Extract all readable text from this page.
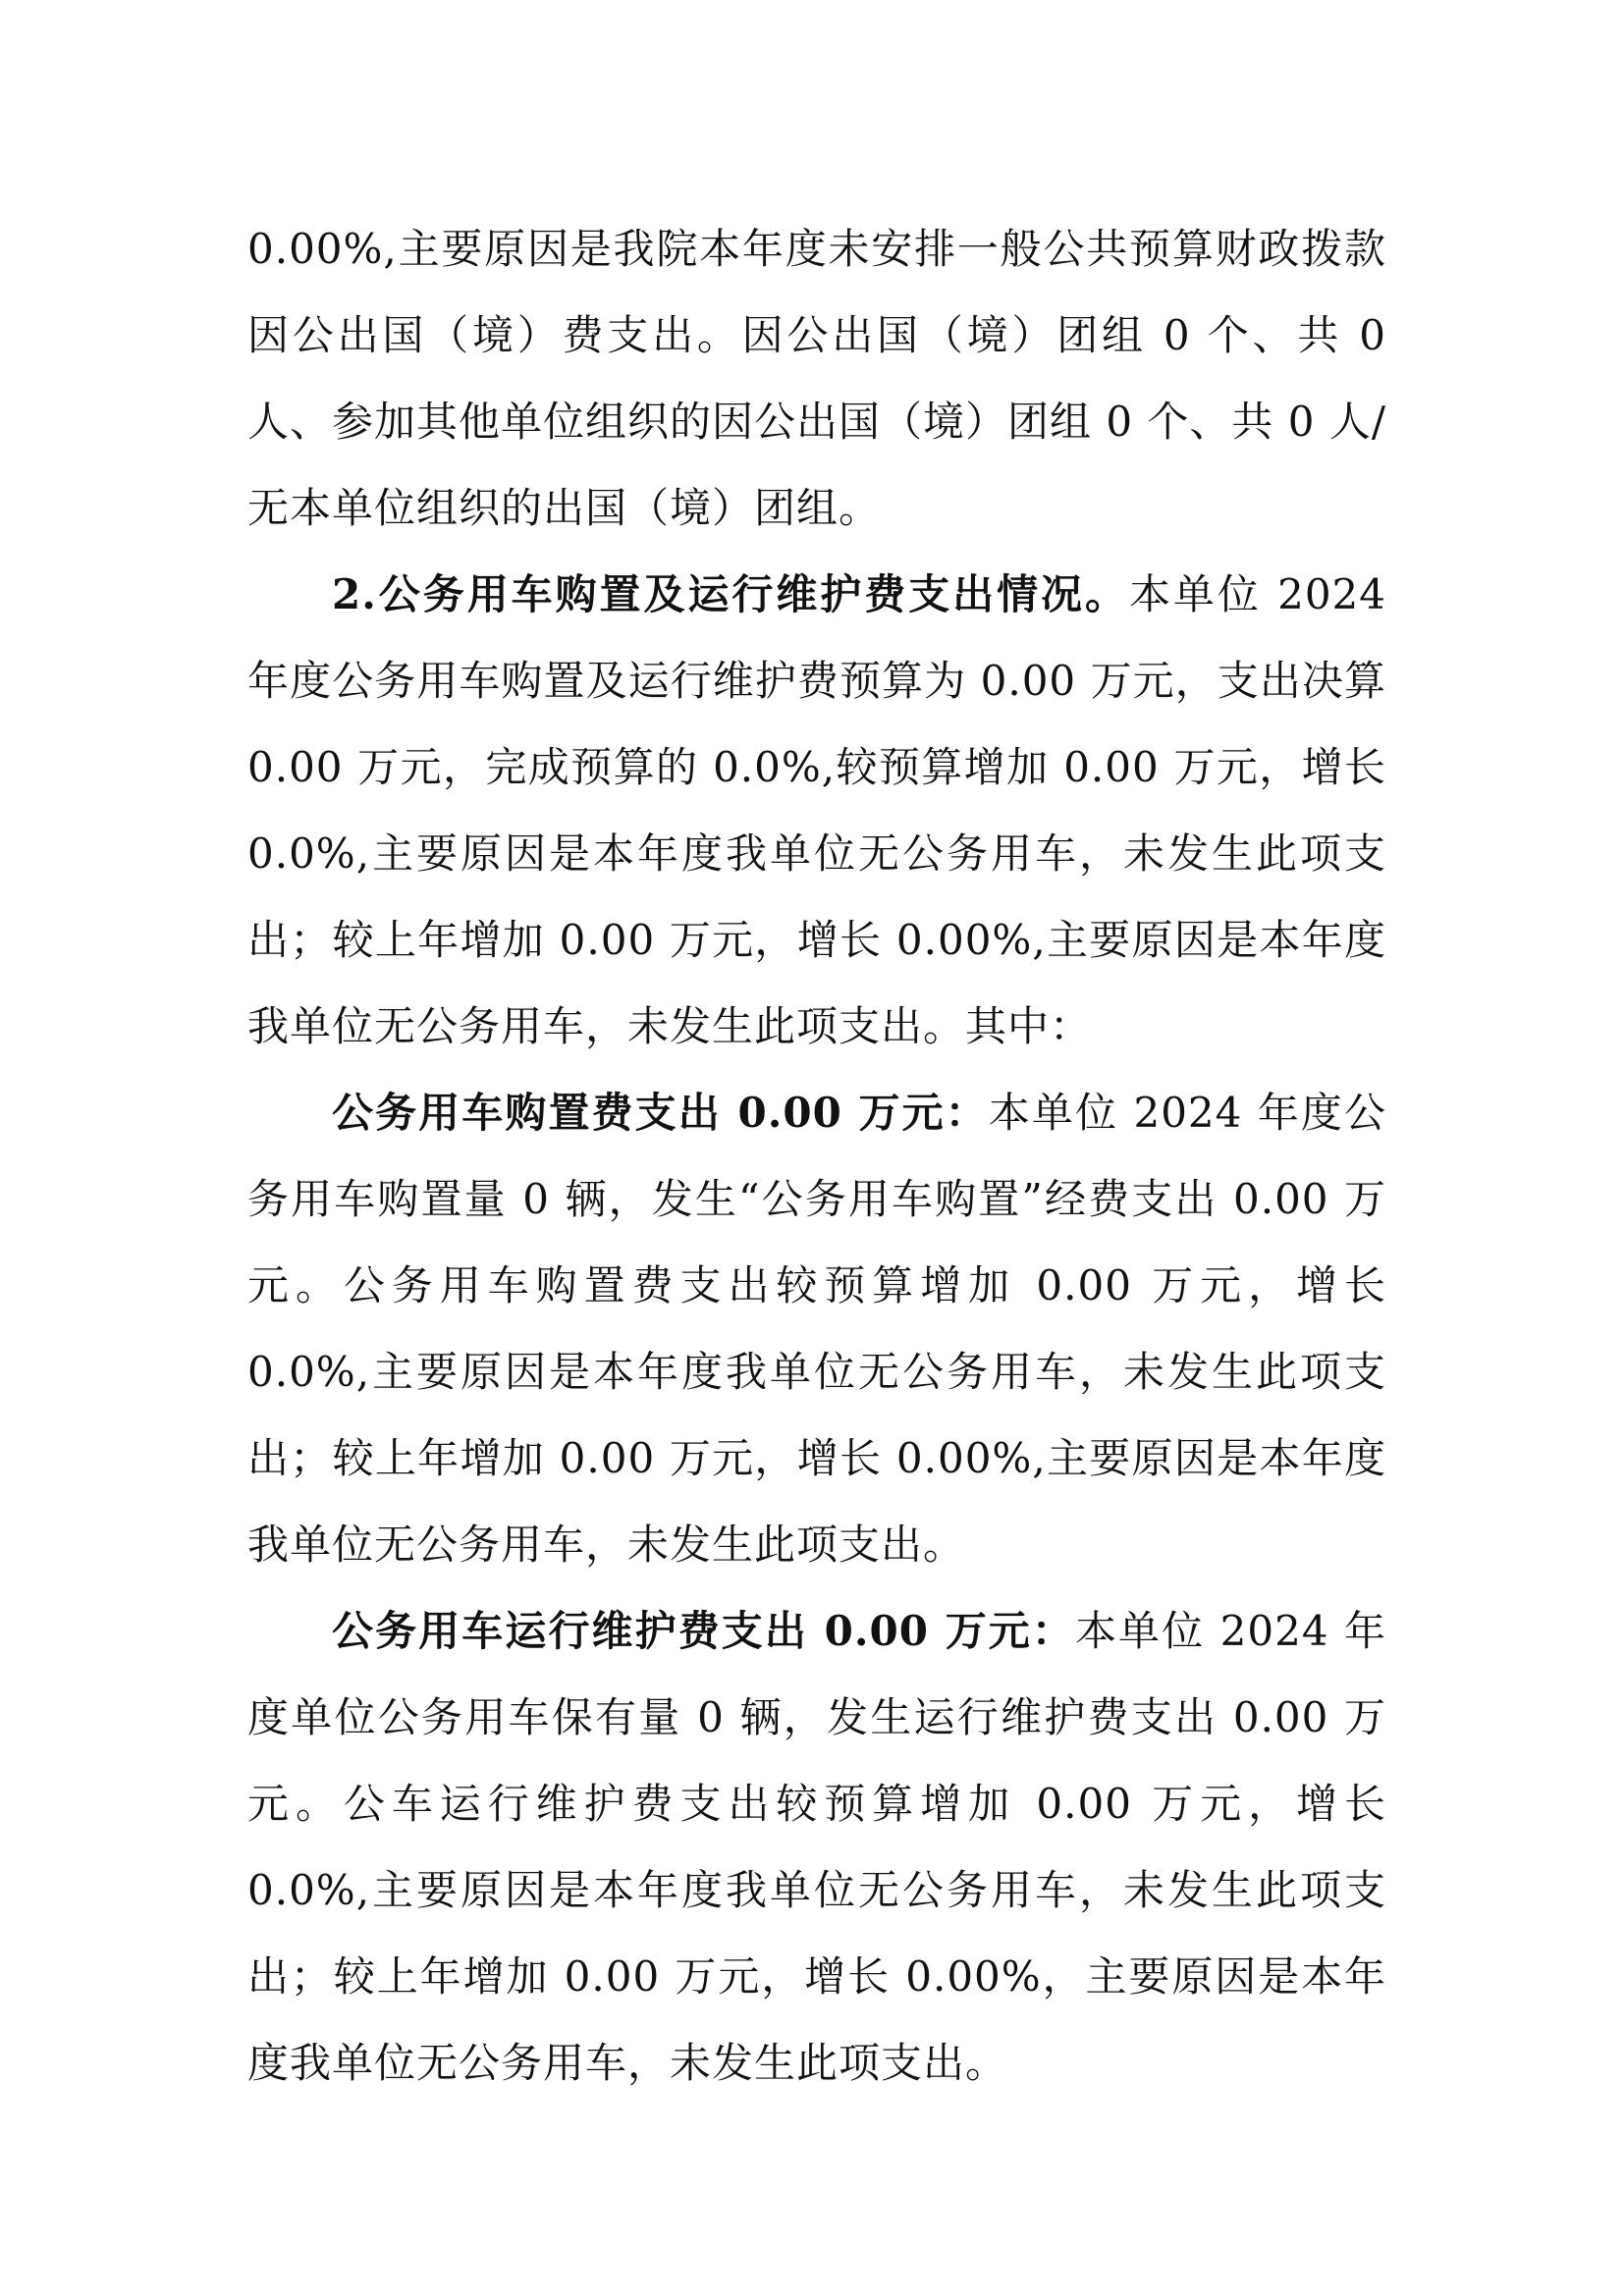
0.00%,主要原因是我院本年度未安排一般公共预算财政拨款因公出国（境）费支出。因公出国（境）团组 0 个、共 0 人、参加其他单位组织的因公出国（境）团组 0 个、共 0 人/无本单位组织的出国（境）团组。

2.公务用车购置及运行维护费支出情况。本单位 2024 年度公务用车购置及运行维护费预算为 0.00 万元，支出决算 0.00 万元，完成预算的 0.0%,较预算增加 0.00 万元，增长 0.0%,主要原因是本年度我单位无公务用车，未发生此项支出；较上年增加 0.00 万元，增长 0.00%,主要原因是本年度我单位无公务用车，未发生此项支出。其中：

公务用车购置费支出 0.00 万元：本单位 2024 年度公务用车购置量 0 辆，发生“公务用车购置”经费支出 0.00 万元。公务用车购置费支出较预算增加 0.00 万元，增长 0.0%,主要原因是本年度我单位无公务用车，未发生此项支出；较上年增加 0.00 万元，增长 0.00%,主要原因是本年度我单位无公务用车，未发生此项支出。

公务用车运行维护费支出 0.00 万元：本单位 2024 年度单位公务用车保有量 0 辆，发生运行维护费支出 0.00 万元。公车运行维护费支出较预算增加 0.00 万元，增长 0.0%,主要原因是本年度我单位无公务用车，未发生此项支出；较上年增加 0.00 万元，增长 0.00%，主要原因是本年度我单位无公务用车，未发生此项支出。
